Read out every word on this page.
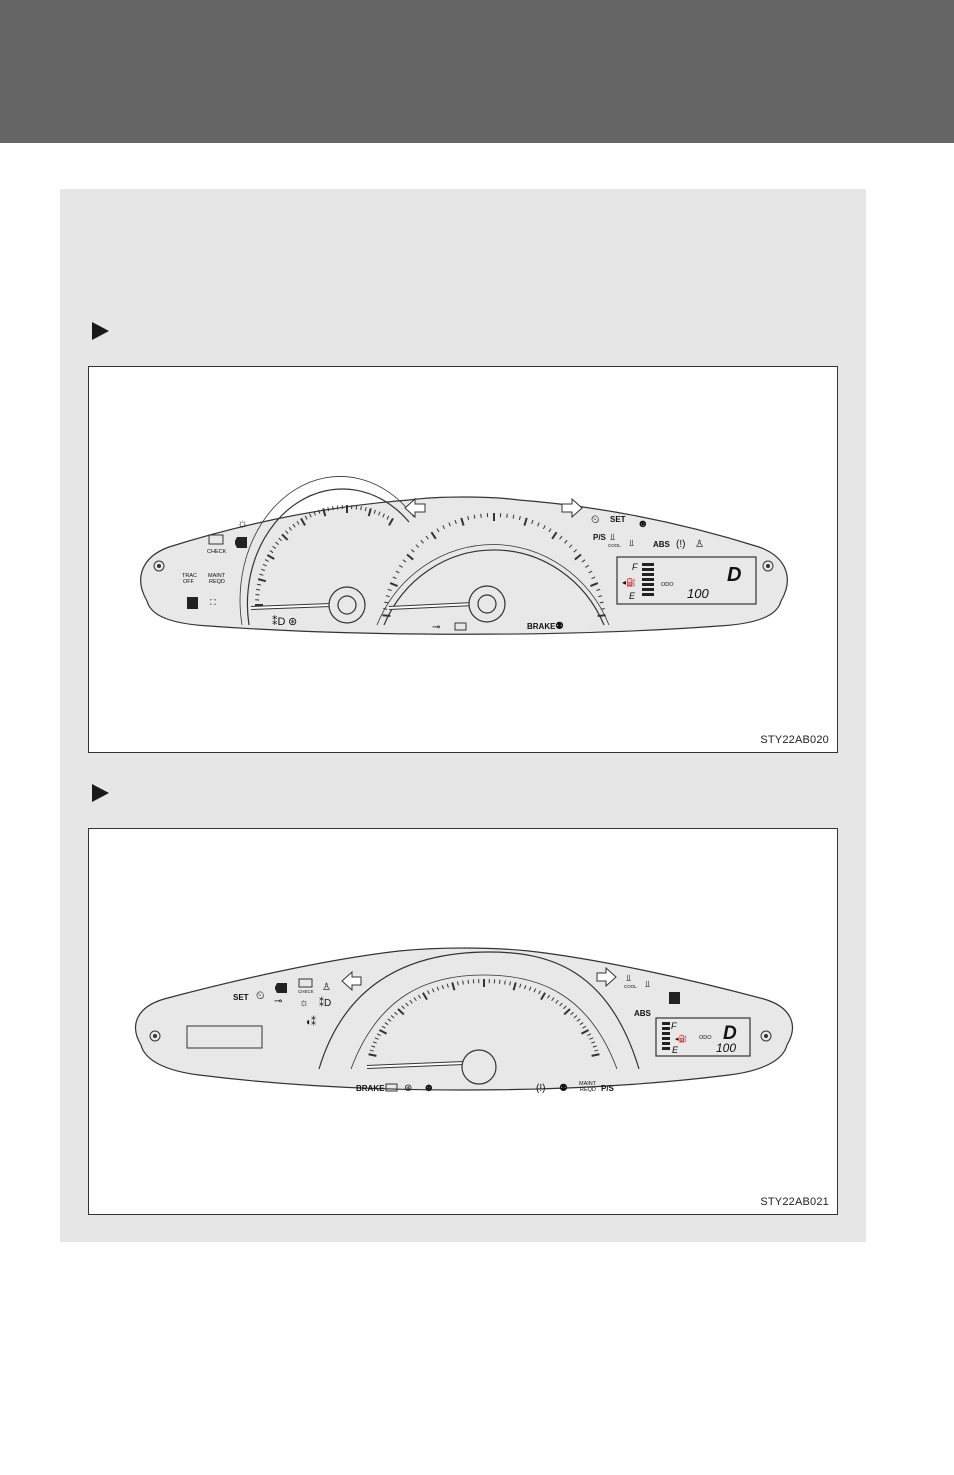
☼
CHECK
TRAC
OFF
MAINT
REQD
⛶
⁑D ⊛	⊸	BRAKE ⚉
⏲ SET ☻
P/S ⫫
COOL ⫫ ABS (!) ♙
F
E
◂⛽	ODO	D
100
STY22AB020
SET ⏲ ⊸
CHECK
☼
♙
⁑D
◖⁑
⫫
COOL ⫫
ABS
F
E
◂⛽ ODO D
100
BRAKE ⊛ ☻	(!) ⚉ MAINT
REQD P/S
STY22AB021
